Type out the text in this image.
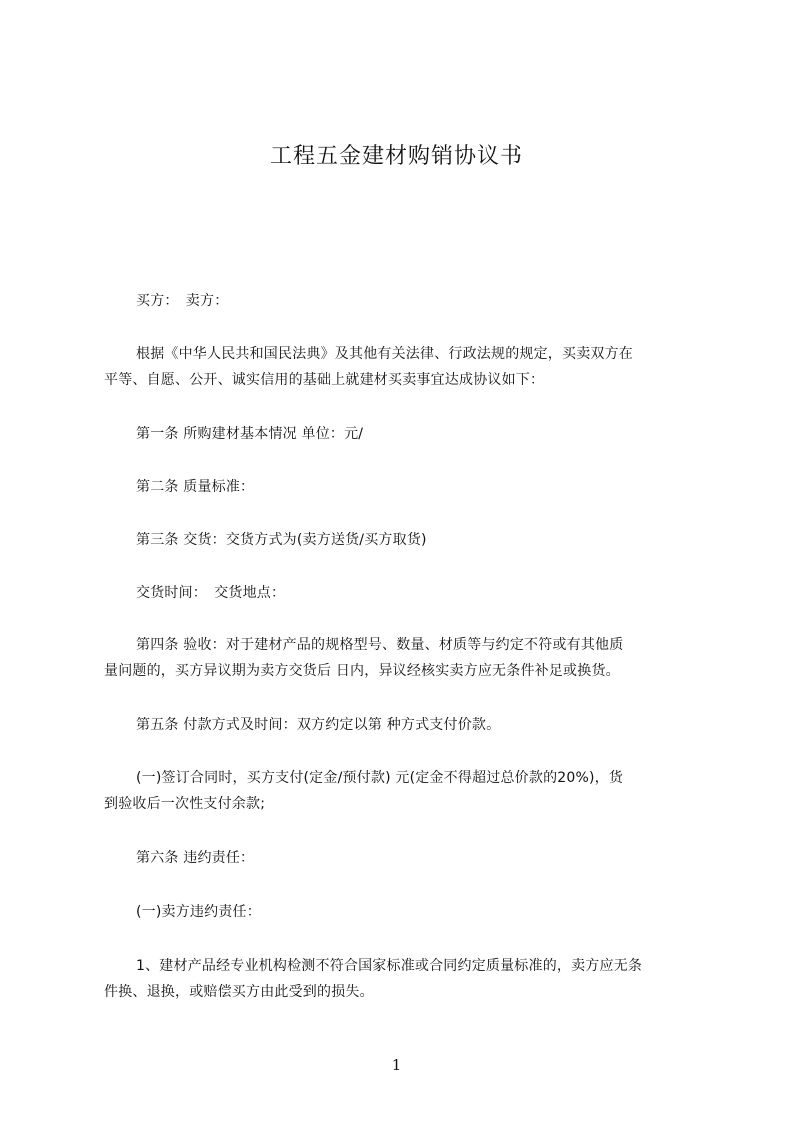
工程五金建材购销协议书

买方：　卖方：

根据《中华人民共和国民法典》及其他有关法律、行政法规的规定，买卖双方在
平等、自愿、公开、诚实信用的基础上就建材买卖事宜达成协议如下：

第一条 所购建材基本情况 单位：元/

第二条 质量标准：

第三条 交货：交货方式为(卖方送货/买方取货)

交货时间：　交货地点：

第四条 验收：对于建材产品的规格型号、数量、材质等与约定不符或有其他质
量问题的，买方异议期为卖方交货后 日内，异议经核实卖方应无条件补足或换货。

第五条 付款方式及时间：双方约定以第 种方式支付价款。

(一)签订合同时，买方支付(定金/预付款) 元(定金不得超过总价款的20%)，货
到验收后一次性支付余款;

第六条 违约责任：

(一)卖方违约责任：

1、建材产品经专业机构检测不符合国家标准或合同约定质量标准的，卖方应无条
件换、退换，或赔偿买方由此受到的损失。
1
